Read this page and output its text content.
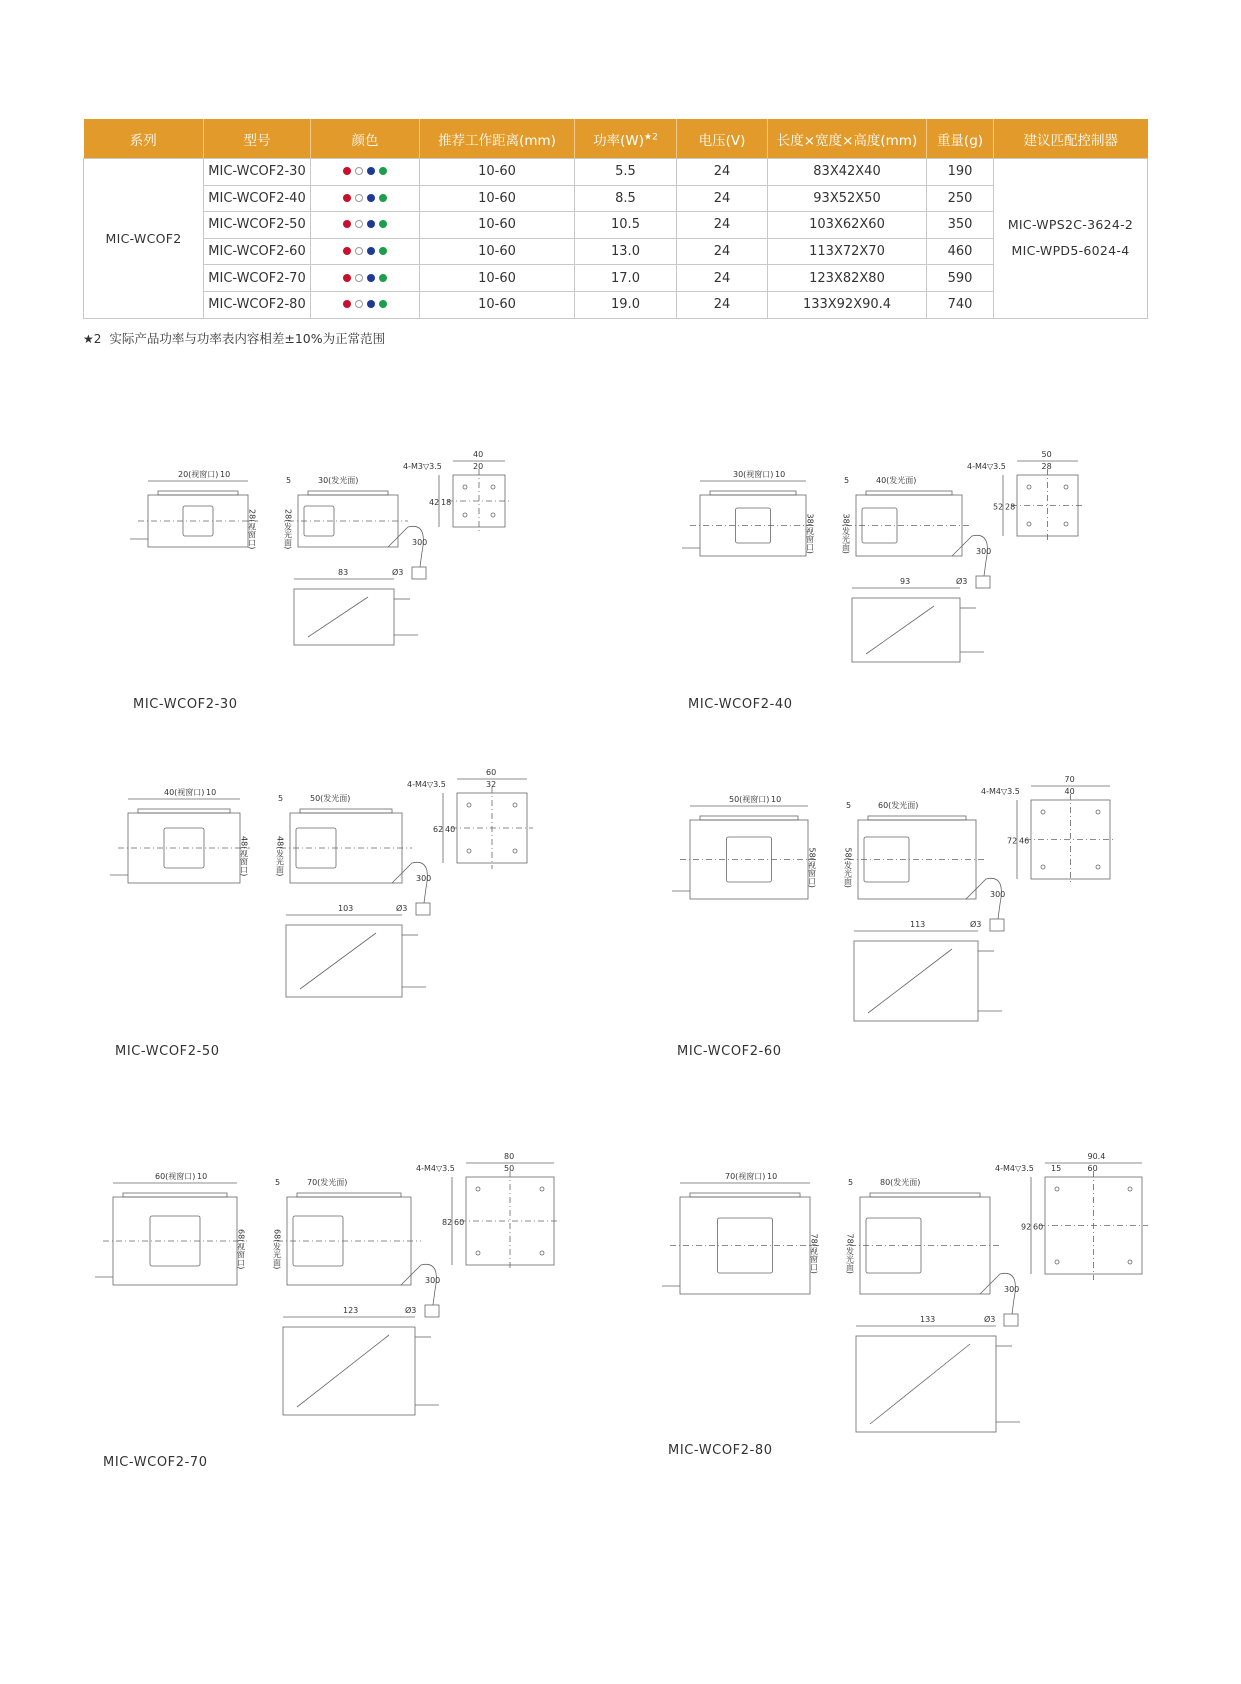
系列	型号	颜色	推荐工作距离(mm)	功率$(W)^{★2}$	电压(V)	长度×宽度×高度(mm)	重量(g)	建议匹配控制器
MIC-WCOF2	MIC-WCOF2-30		10-60	5.5	24	83X42X40	190	MIC-WPS2C-3624-2
MIC-WPD5-6024-4

	MIC-WCOF2-40		10-60	8.5	24	93X52X50	250	
	MIC-WCOF2-50		10-60	10.5	24	103X62X60	350	
	MIC-WCOF2-60		10-60	13.0	24	113X72X70	460	
	MIC-WCOF2-70		10-60	17.0	24	123X82X80	590	
	MIC-WCOF2-80		10-60	19.0	24	133X92X90.4	740	
★2 实际产品功率与功率表内容相差±10%为正常范围
20(视窗口) 10
5	30(发光面)
28(视窗口)	28(发光面)
4-M3▽3.5
40
20
42 18
300
Ø3
83
MIC-WCOF2-30
30(视窗口) 10
5	40(发光面)
38(视窗口)	38(发光面)
4-M4▽3.5
50
28
52 28
300
Ø3
93
MIC-WCOF2-40
40(视窗口) 10
5	50(发光面)
48(视窗口)	48(发光面)
4-M4▽3.5
60
32
62 40
300
Ø3
103
MIC-WCOF2-50
50(视窗口) 10
5	60(发光面)
58(视窗口)	58(发光面)
4-M4▽3.5
70
40
72 46
300
Ø3
113
MIC-WCOF2-60
60(视窗口) 10
5	70(发光面)
68(视窗口)	68(发光面)
4-M4▽3.5
80
50
82 60
300
Ø3
123
MIC-WCOF2-70
70(视窗口) 10
5	80(发光面)
78(视窗口)	78(发光面)
4-M4▽3.5
90.4
60
15
92 60
300
Ø3
133
MIC-WCOF2-80
